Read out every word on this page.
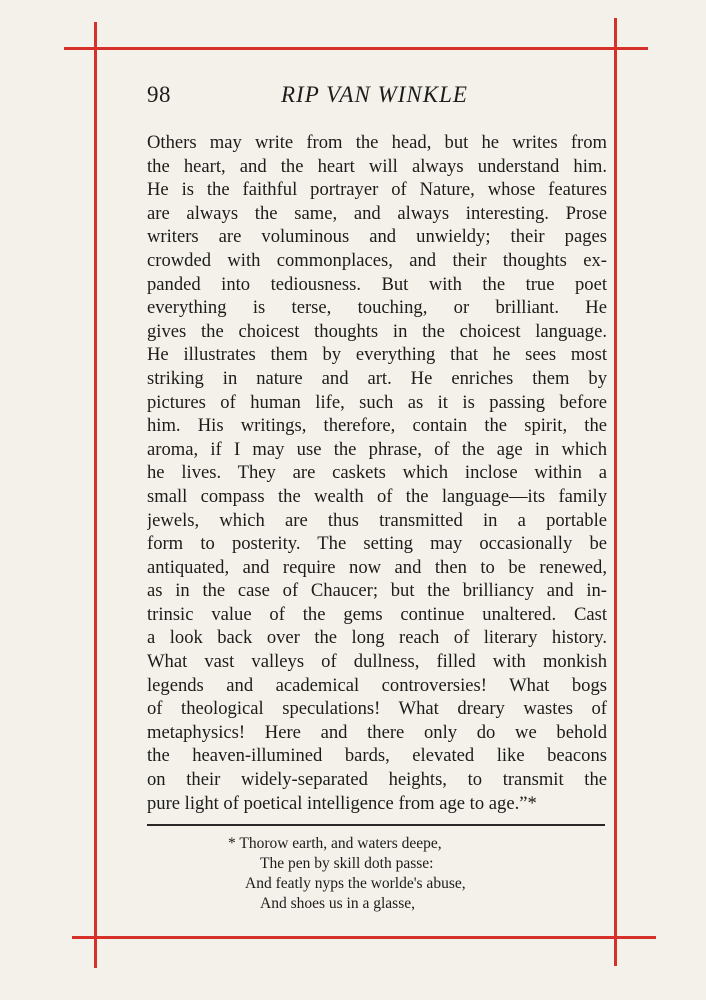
98	RIP VAN WINKLE
Others may write from the head, but he writes from
the heart, and the heart will always understand him.
He is the faithful portrayer of Nature, whose features
are always the same, and always interesting. Prose
writers are voluminous and unwieldy; their pages
crowded with commonplaces, and their thoughts ex-
panded into tediousness. But with the true poet
everything is terse, touching, or brilliant. He
gives the choicest thoughts in the choicest language.
He illustrates them by everything that he sees most
striking in nature and art. He enriches them by
pictures of human life, such as it is passing before
him. His writings, therefore, contain the spirit, the
aroma, if I may use the phrase, of the age in which
he lives. They are caskets which inclose within a
small compass the wealth of the language—its family
jewels, which are thus transmitted in a portable
form to posterity. The setting may occasionally be
antiquated, and require now and then to be renewed,
as in the case of Chaucer; but the brilliancy and in-
trinsic value of the gems continue unaltered. Cast
a look back over the long reach of literary history.
What vast valleys of dullness, filled with monkish
legends and academical controversies! What bogs
of theological speculations! What dreary wastes of
metaphysics! Here and there only do we behold
the heaven-illumined bards, elevated like beacons
on their widely-separated heights, to transmit the
pure light of poetical intelligence from age to age.”*
* Thorow earth, and waters deepe,
The pen by skill doth passe:
And featly nyps the worlde's abuse,
And shoes us in a glasse,
